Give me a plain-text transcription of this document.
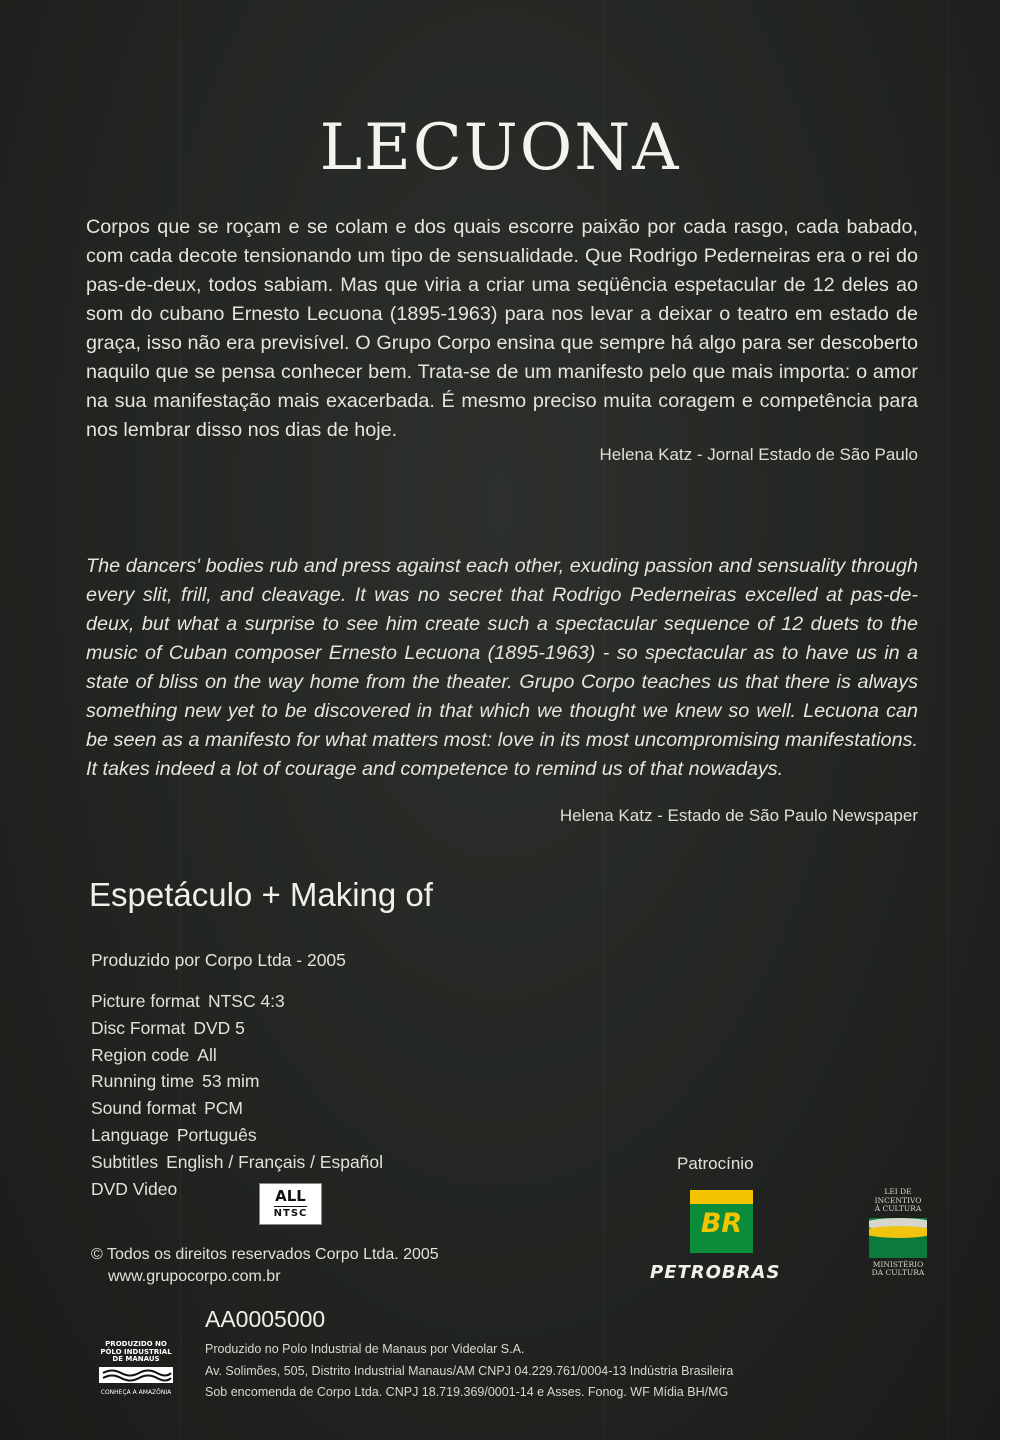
LECUONA

Corpos que se roçam e se colam e dos quais escorre paixão por cada rasgo, cada babado, com cada decote tensionando um tipo de sensualidade. Que Rodrigo Pederneiras era o rei do pas-de-deux, todos sabiam. Mas que viria a criar uma seqüência espetacular de 12 deles ao som do cubano Ernesto Lecuona (1895-1963) para nos levar a deixar o teatro em estado de graça, isso não era previsível. O Grupo Corpo ensina que sempre há algo para ser descoberto naquilo que se pensa conhecer bem. Trata-se de um manifesto pelo que mais importa: o amor na sua manifestação mais exacerbada. É mesmo preciso muita coragem e competência para nos lembrar disso nos dias de hoje.

Helena Katz - Jornal Estado de São Paulo

The dancers' bodies rub and press against each other, exuding passion and sensuality through every slit, frill, and cleavage. It was no secret that Rodrigo Pederneiras excelled at pas-de-deux, but what a surprise to see him create such a spectacular sequence of 12 duets to the music of Cuban composer Ernesto Lecuona (1895-1963) - so spectacular as to have us in a state of bliss on the way home from the theater. Grupo Corpo teaches us that there is always something new yet to be discovered in that which we thought we knew so well. Lecuona can be seen as a manifesto for what matters most: love in its most uncompromising manifestations. It takes indeed a lot of courage and competence to remind us of that nowadays.

Helena Katz - Estado de São Paulo Newspaper
Espetáculo + Making of
Produzido por Corpo Ltda - 2005
Picture format NTSC 4:3
Disc Format DVD 5
Region code All
Running time 53 mim
Sound format PCM
Language Português
Subtitles English / Français / Español
DVD Video	ALL
NTSC
© Todos os direitos reservados Corpo Ltda. 2005
www.grupocorpo.com.br
Patrocínio
BR
PETROBRAS
LEI DE
INCENTIVO
À CULTURA
MINISTÉRIO
DA CULTURA
AA0005000
Produzido no Polo Industrial de Manaus por Videolar S.A.
Av. Solimões, 505, Distrito Industrial Manaus/AM CNPJ 04.229.761/0004-13 Indústria Brasileira
Sob encomenda de Corpo Ltda. CNPJ 18.719.369/0001-14 e Asses. Fonog. WF Mídia BH/MG
PRODUZIDO NO
PÓLO INDUSTRIAL
DE MANAUS
CONHEÇA A AMAZÔNIA
